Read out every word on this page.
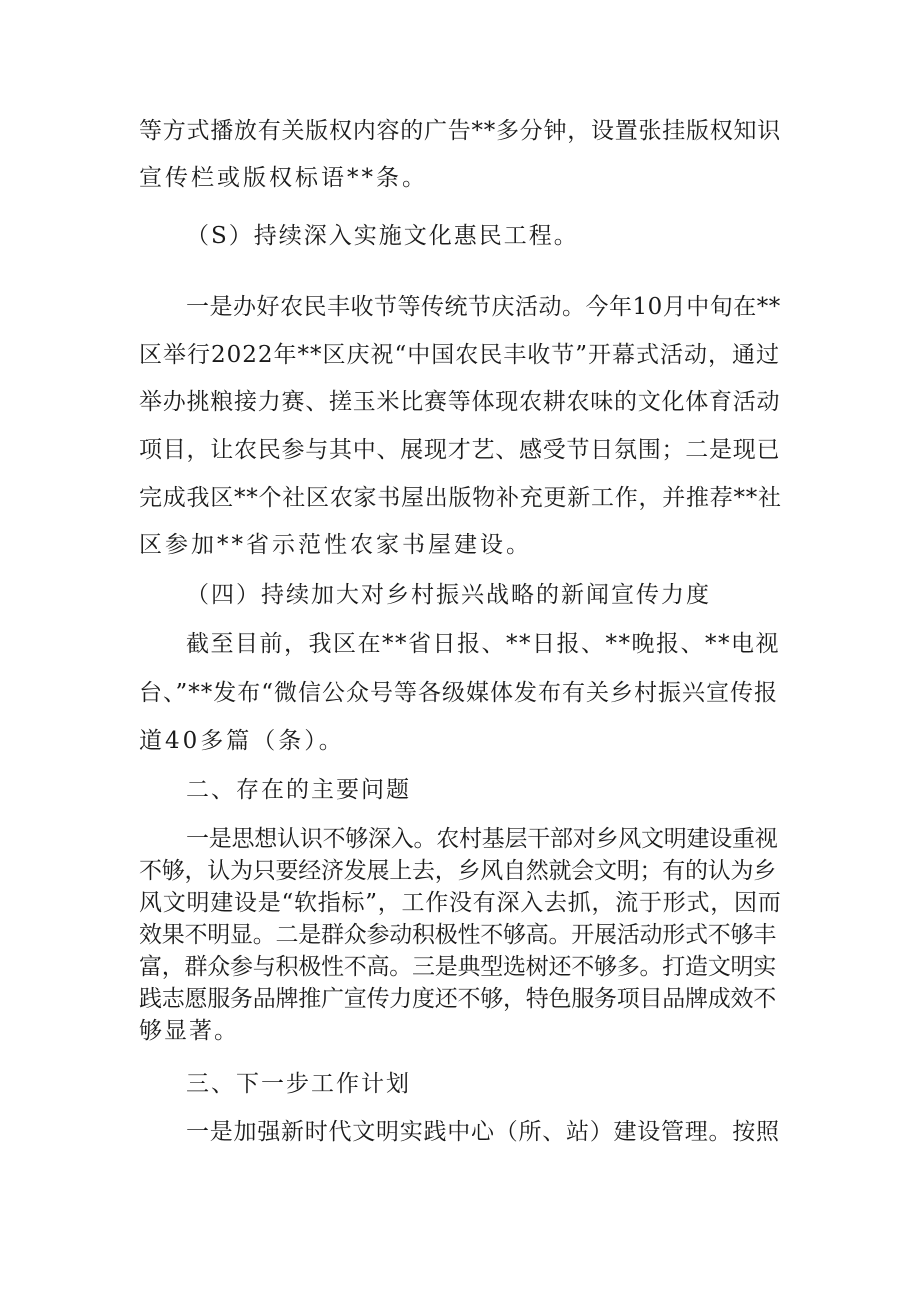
等方式播放有关版权内容的广告**多分钟，设置张挂版权知识
宣传栏或版权标语**条。
（S）持续深入实施文化惠民工程。
一是办好农民丰收节等传统节庆活动。今年10月中旬在**
区举行2022年**区庆祝“中国农民丰收节”开幕式活动，通过
举办挑粮接力赛、搓玉米比赛等体现农耕农味的文化体育活动
项目，让农民参与其中、展现才艺、感受节日氛围；二是现已
完成我区**个社区农家书屋出版物补充更新工作，并推荐**社
区参加**省示范性农家书屋建设。
（四）持续加大对乡村振兴战略的新闻宣传力度
截至目前，我区在**省日报、**日报、**晚报、**电视
台、”**发布“微信公众号等各级媒体发布有关乡村振兴宣传报
道40多篇（条）。
二、存在的主要问题
一是思想认识不够深入。农村基层干部对乡风文明建设重视
不够，认为只要经济发展上去，乡风自然就会文明；有的认为乡
风文明建设是“软指标”，工作没有深入去抓，流于形式，因而
效果不明显。二是群众参动积极性不够高。开展活动形式不够丰
富，群众参与积极性不高。三是典型选树还不够多。打造文明实
践志愿服务品牌推广宣传力度还不够，特色服务项目品牌成效不
够显著。
三、下一步工作计划
一是加强新时代文明实践中心（所、站）建设管理。按照
